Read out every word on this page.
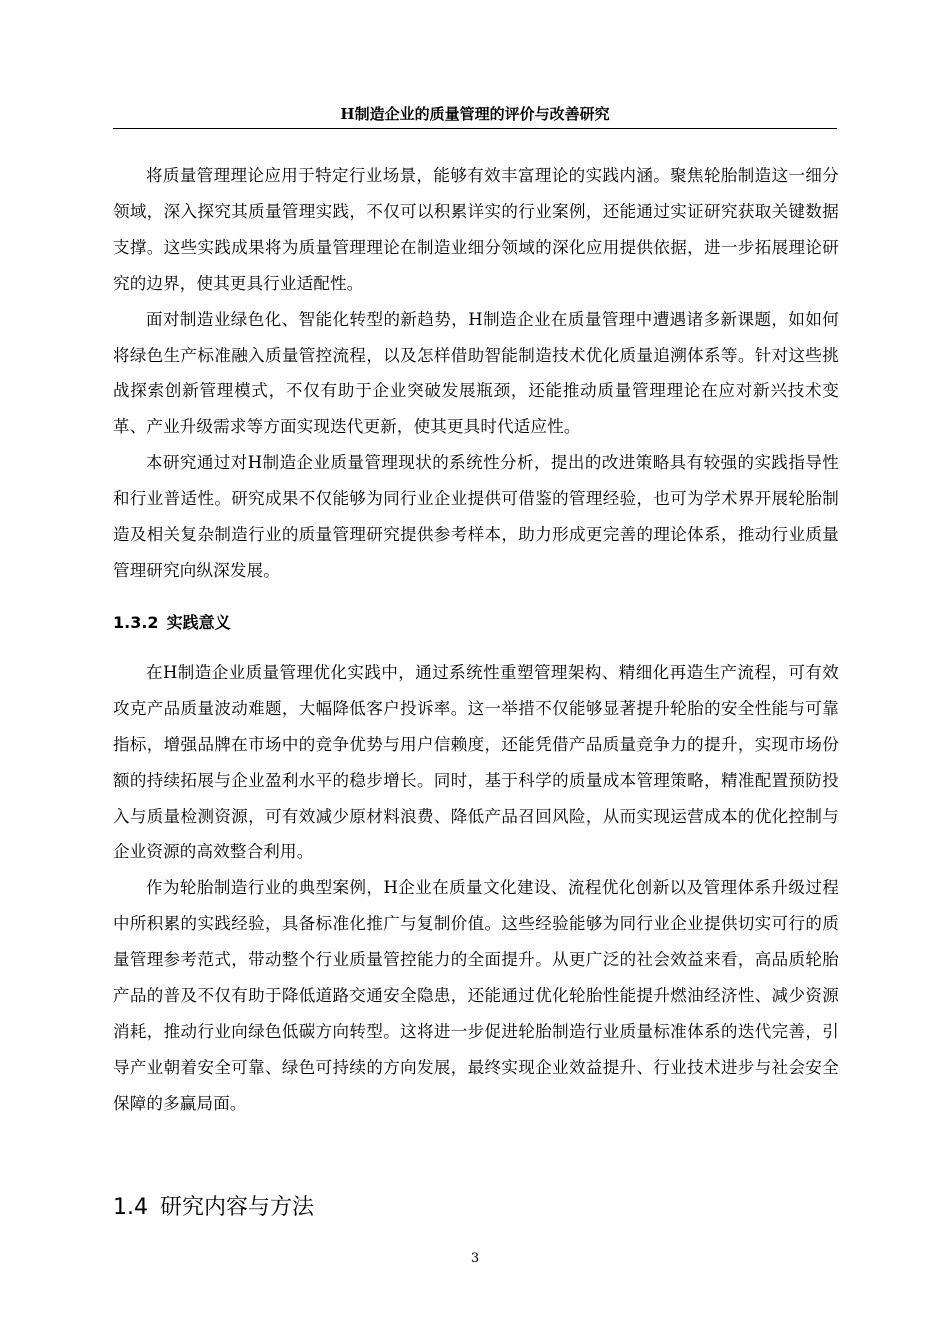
H制造企业的质量管理的评价与改善研究

将质量管理理论应用于特定行业场景，能够有效丰富理论的实践内涵。聚焦轮胎制造这一细分领域，深入探究其质量管理实践，不仅可以积累详实的行业案例，还能通过实证研究获取关键数据支撑。这些实践成果将为质量管理理论在制造业细分领域的深化应用提供依据，进一步拓展理论研究的边界，使其更具行业适配性。

面对制造业绿色化、智能化转型的新趋势，H制造企业在质量管理中遭遇诸多新课题，如如何将绿色生产标准融入质量管控流程，以及怎样借助智能制造技术优化质量追溯体系等。针对这些挑战探索创新管理模式，不仅有助于企业突破发展瓶颈，还能推动质量管理理论在应对新兴技术变革、产业升级需求等方面实现迭代更新，使其更具时代适应性。

本研究通过对H制造企业质量管理现状的系统性分析，提出的改进策略具有较强的实践指导性和行业普适性。研究成果不仅能够为同行业企业提供可借鉴的管理经验，也可为学术界开展轮胎制造及相关复杂制造行业的质量管理研究提供参考样本，助力形成更完善的理论体系，推动行业质量管理研究向纵深发展。

1.3.2 实践意义

在H制造企业质量管理优化实践中，通过系统性重塑管理架构、精细化再造生产流程，可有效攻克产品质量波动难题，大幅降低客户投诉率。这一举措不仅能够显著提升轮胎的安全性能与可靠指标，增强品牌在市场中的竞争优势与用户信赖度，还能凭借产品质量竞争力的提升，实现市场份额的持续拓展与企业盈利水平的稳步增长。同时，基于科学的质量成本管理策略，精准配置预防投入与质量检测资源，可有效减少原材料浪费、降低产品召回风险，从而实现运营成本的优化控制与企业资源的高效整合利用。

作为轮胎制造行业的典型案例，H企业在质量文化建设、流程优化创新以及管理体系升级过程中所积累的实践经验，具备标准化推广与复制价值。这些经验能够为同行业企业提供切实可行的质量管理参考范式，带动整个行业质量管控能力的全面提升。从更广泛的社会效益来看，高品质轮胎产品的普及不仅有助于降低道路交通安全隐患，还能通过优化轮胎性能提升燃油经济性、减少资源消耗，推动行业向绿色低碳方向转型。这将进一步促进轮胎制造行业质量标准体系的迭代完善，引导产业朝着安全可靠、绿色可持续的方向发展，最终实现企业效益提升、行业技术进步与社会安全保障的多赢局面。

1.4 研究内容与方法
3
